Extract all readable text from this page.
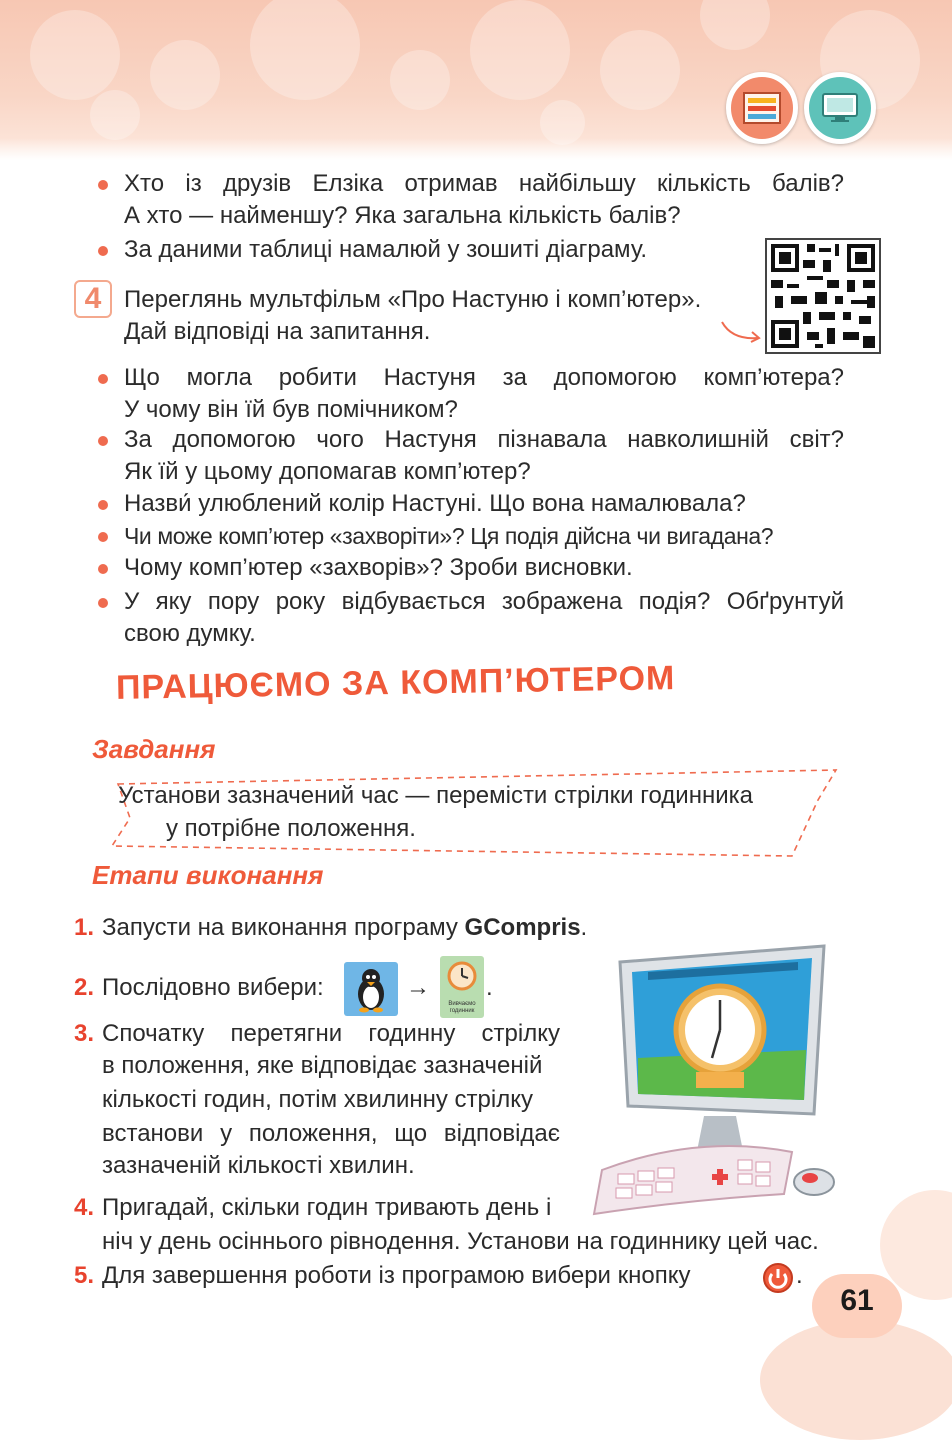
Хто із друзів Елзіка отримав найбільшу кількість балів?
А хто — найменшу? Яка загальна кількість балів?
За даними таблиці намалюй у зошиті діаграму.
4 Переглянь мультфільм «Про Настуню і комп’ютер».
Дай відповіді на запитання.
Що могла робити Настуня за допомогою комп’ютера?
У чому він їй був помічником?
За допомогою чого Настуня пізнавала навколишній світ?
Як їй у цьому допомагав комп’ютер?
Назви́ улюблений колір Настуні. Що вона намалювала?
Чи може комп’ютер «захворіти»? Ця подія дійсна чи вигадана?
Чому комп’ютер «захворів»? Зроби висновки.
У яку пору року відбувається зображена подія? Обґрунтуй
свою думку.
ПРАЦЮЄМО ЗА КОМП’ЮТЕРОМ
Завдання
Установи зазначений час — перемісти стрілки годинника
у потрібне положення.
Етапи виконання
1. Запусти на виконання програму GCompris.
2. Послідовно вибери:	→
Вивчаємо
годинник
.
3. Спочатку перетягни годинну стрілку
в положення, яке відповідає зазначеній
кількості годин, потім хвилинну стрілку
встанови у положення, що відповідає
зазначеній кількості хвилин.
4. Пригадай, скільки годин тривають день і
ніч у день осіннього рівнодення. Установи на годиннику цей час.
5. Для завершення роботи із програмою вибери кнопку	.
61
